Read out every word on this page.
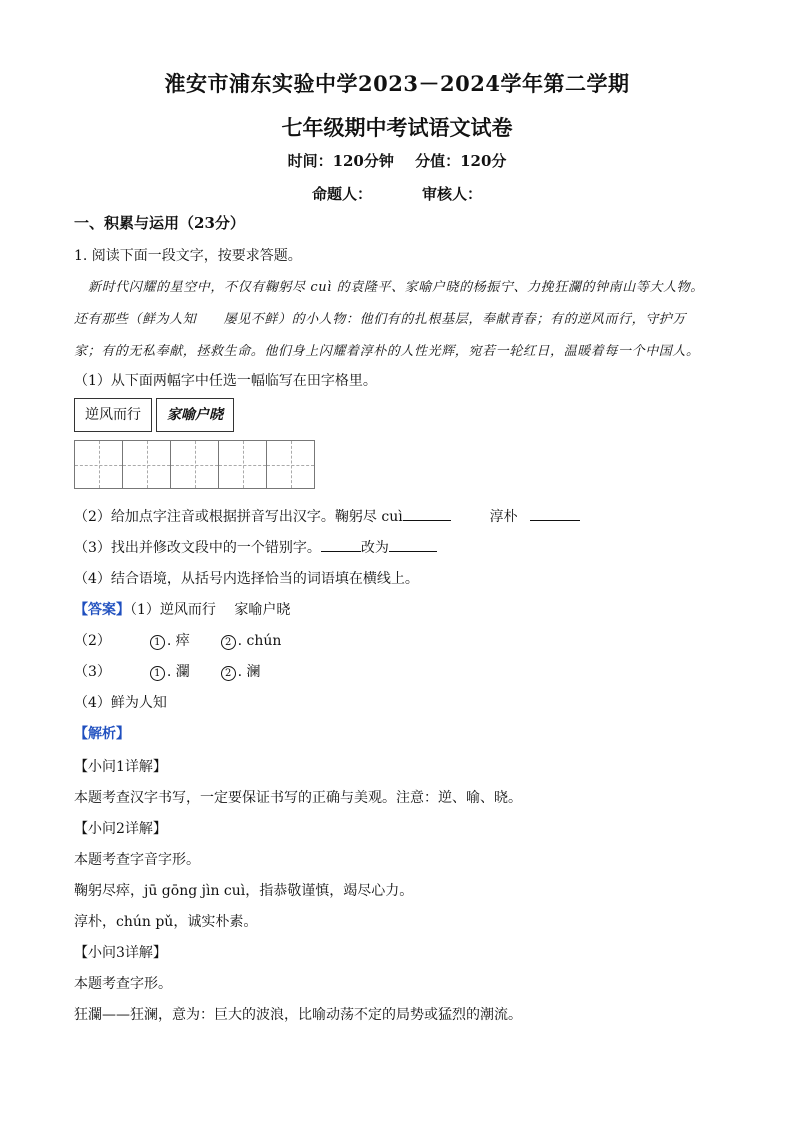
淮安市浦东实验中学2023－2024学年第二学期
七年级期中考试语文试卷
时间：120分钟 分值：120分
命题人：	审核人：
一、积累与运用（23分）
1. 阅读下面一段文字，按要求答题。
新时代闪耀的星空中，不仅有鞠躬尽 cuì 的袁隆平、家喻户晓的杨振宁、力挽狂瀾的钟南山等大人物。
还有那些（鲜为人知　　屡见不鲜）的小人物：他们有的扎根基层，奉献青春；有的逆风而行，守护万
家；有的无私奉献，拯救生命。他们身上闪耀着淳朴的人性光辉，宛若一轮红日，温暖着每一个中国人。
（1）从下面两幅字中任选一幅临写在田字格里。
逆风而行	家喻户晓
（2）给加点字注音或根据拼音写出汉字。鞠躬尽 cuì	淳朴
（3）找出并修改文段中的一个错别字。	改为
（4）结合语境，从括号内选择恰当的词语填在横线上。
【答案】（1）逆风而行　 家喻户晓
（2）	1 . 瘁	2 . chún
（3）	1 . 瀾	2 . 澜
（4）鲜为人知
【解析】
【小问1详解】
本题考查汉字书写，一定要保证书写的正确与美观。注意：逆、喻、晓。
【小问2详解】
本题考查字音字形。
鞠躬尽瘁，jū gōng jìn cuì，指恭敬谨慎，竭尽心力。
淳朴，chún pǔ，诚实朴素。
【小问3详解】
本题考查字形。
狂瀾——狂澜，意为：巨大的波浪，比喻动荡不定的局势或猛烈的潮流。
